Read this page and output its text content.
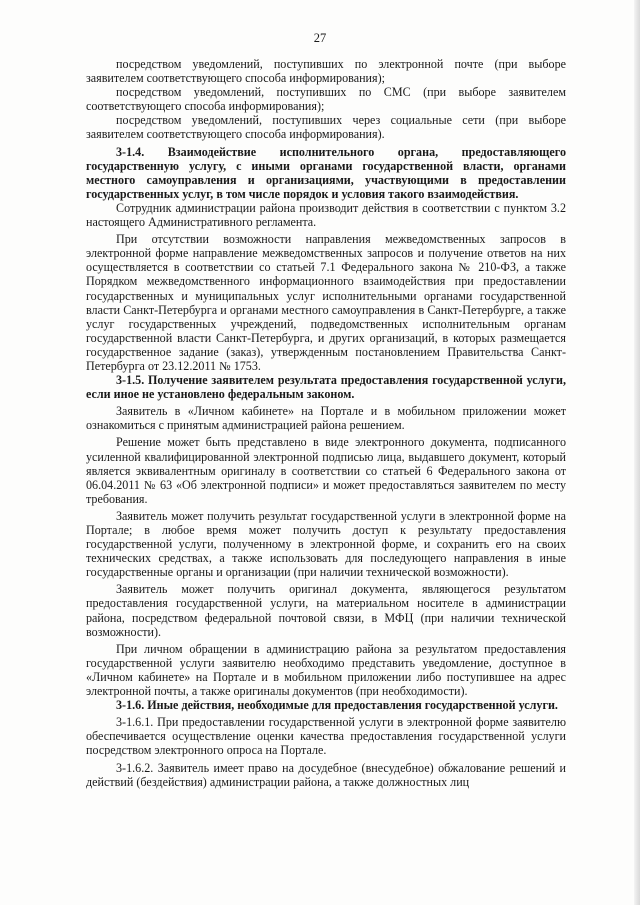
27

посредством уведомлений, поступивших по электронной почте (при выборе заявителем соответствующего способа информирования);

посредством уведомлений, поступивших по СМС (при выборе заявителем соответствующего способа информирования);

посредством уведомлений, поступивших через социальные сети (при выборе заявителем соответствующего способа информирования).

3-1.4. Взаимодействие исполнительного органа, предоставляющего государственную услугу, с иными органами государственной власти, органами местного самоуправления и организациями, участвующими в предоставлении государственных услуг, в том числе порядок и условия такого взаимодействия.

Сотрудник администрации района производит действия в соответствии с пунктом 3.2 настоящего Административного регламента.

При отсутствии возможности направления межведомственных запросов в электронной форме направление межведомственных запросов и получение ответов на них осуществляется в соответствии со статьей 7.1 Федерального закона № 210-ФЗ, а также Порядком межведомственного информационного взаимодействия при предоставлении государственных и муниципальных услуг исполнительными органами государственной власти Санкт-Петербурга и органами местного самоуправления в Санкт-Петербурге, а также услуг государственных учреждений, подведомственных исполнительным органам государственной власти Санкт-Петербурга, и других организаций, в которых размещается государственное задание (заказ), утвержденным постановлением Правительства Санкт-Петербурга от 23.12.2011 № 1753.

3-1.5. Получение заявителем результата предоставления государственной услуги, если иное не установлено федеральным законом.

Заявитель в «Личном кабинете» на Портале и в мобильном приложении может ознакомиться с принятым администрацией района решением.

Решение может быть представлено в виде электронного документа, подписанного усиленной квалифицированной электронной подписью лица, выдавшего документ, который является эквивалентным оригиналу в соответствии со статьей 6 Федерального закона от 06.04.2011 № 63 «Об электронной подписи» и может предоставляться заявителем по месту требования.

Заявитель может получить результат государственной услуги в электронной форме на Портале; в любое время может получить доступ к результату предоставления государственной услуги, полученному в электронной форме, и сохранить его на своих технических средствах, а также использовать для последующего направления в иные государственные органы и организации (при наличии технической возможности).

Заявитель может получить оригинал документа, являющегося результатом предоставления государственной услуги, на материальном носителе в администрации района, посредством федеральной почтовой связи, в МФЦ (при наличии технической возможности).

При личном обращении в администрацию района за результатом предоставления государственной услуги заявителю необходимо представить уведомление, доступное в «Личном кабинете» на Портале и в мобильном приложении либо поступившее на адрес электронной почты, а также оригиналы документов (при необходимости).

3-1.6. Иные действия, необходимые для предоставления государственной услуги.

3-1.6.1. При предоставлении государственной услуги в электронной форме заявителю обеспечивается осуществление оценки качества предоставления государственной услуги посредством электронного опроса на Портале.

3-1.6.2. Заявитель имеет право на досудебное (внесудебное) обжалование решений и действий (бездействия) администрации района, а также должностных лиц
